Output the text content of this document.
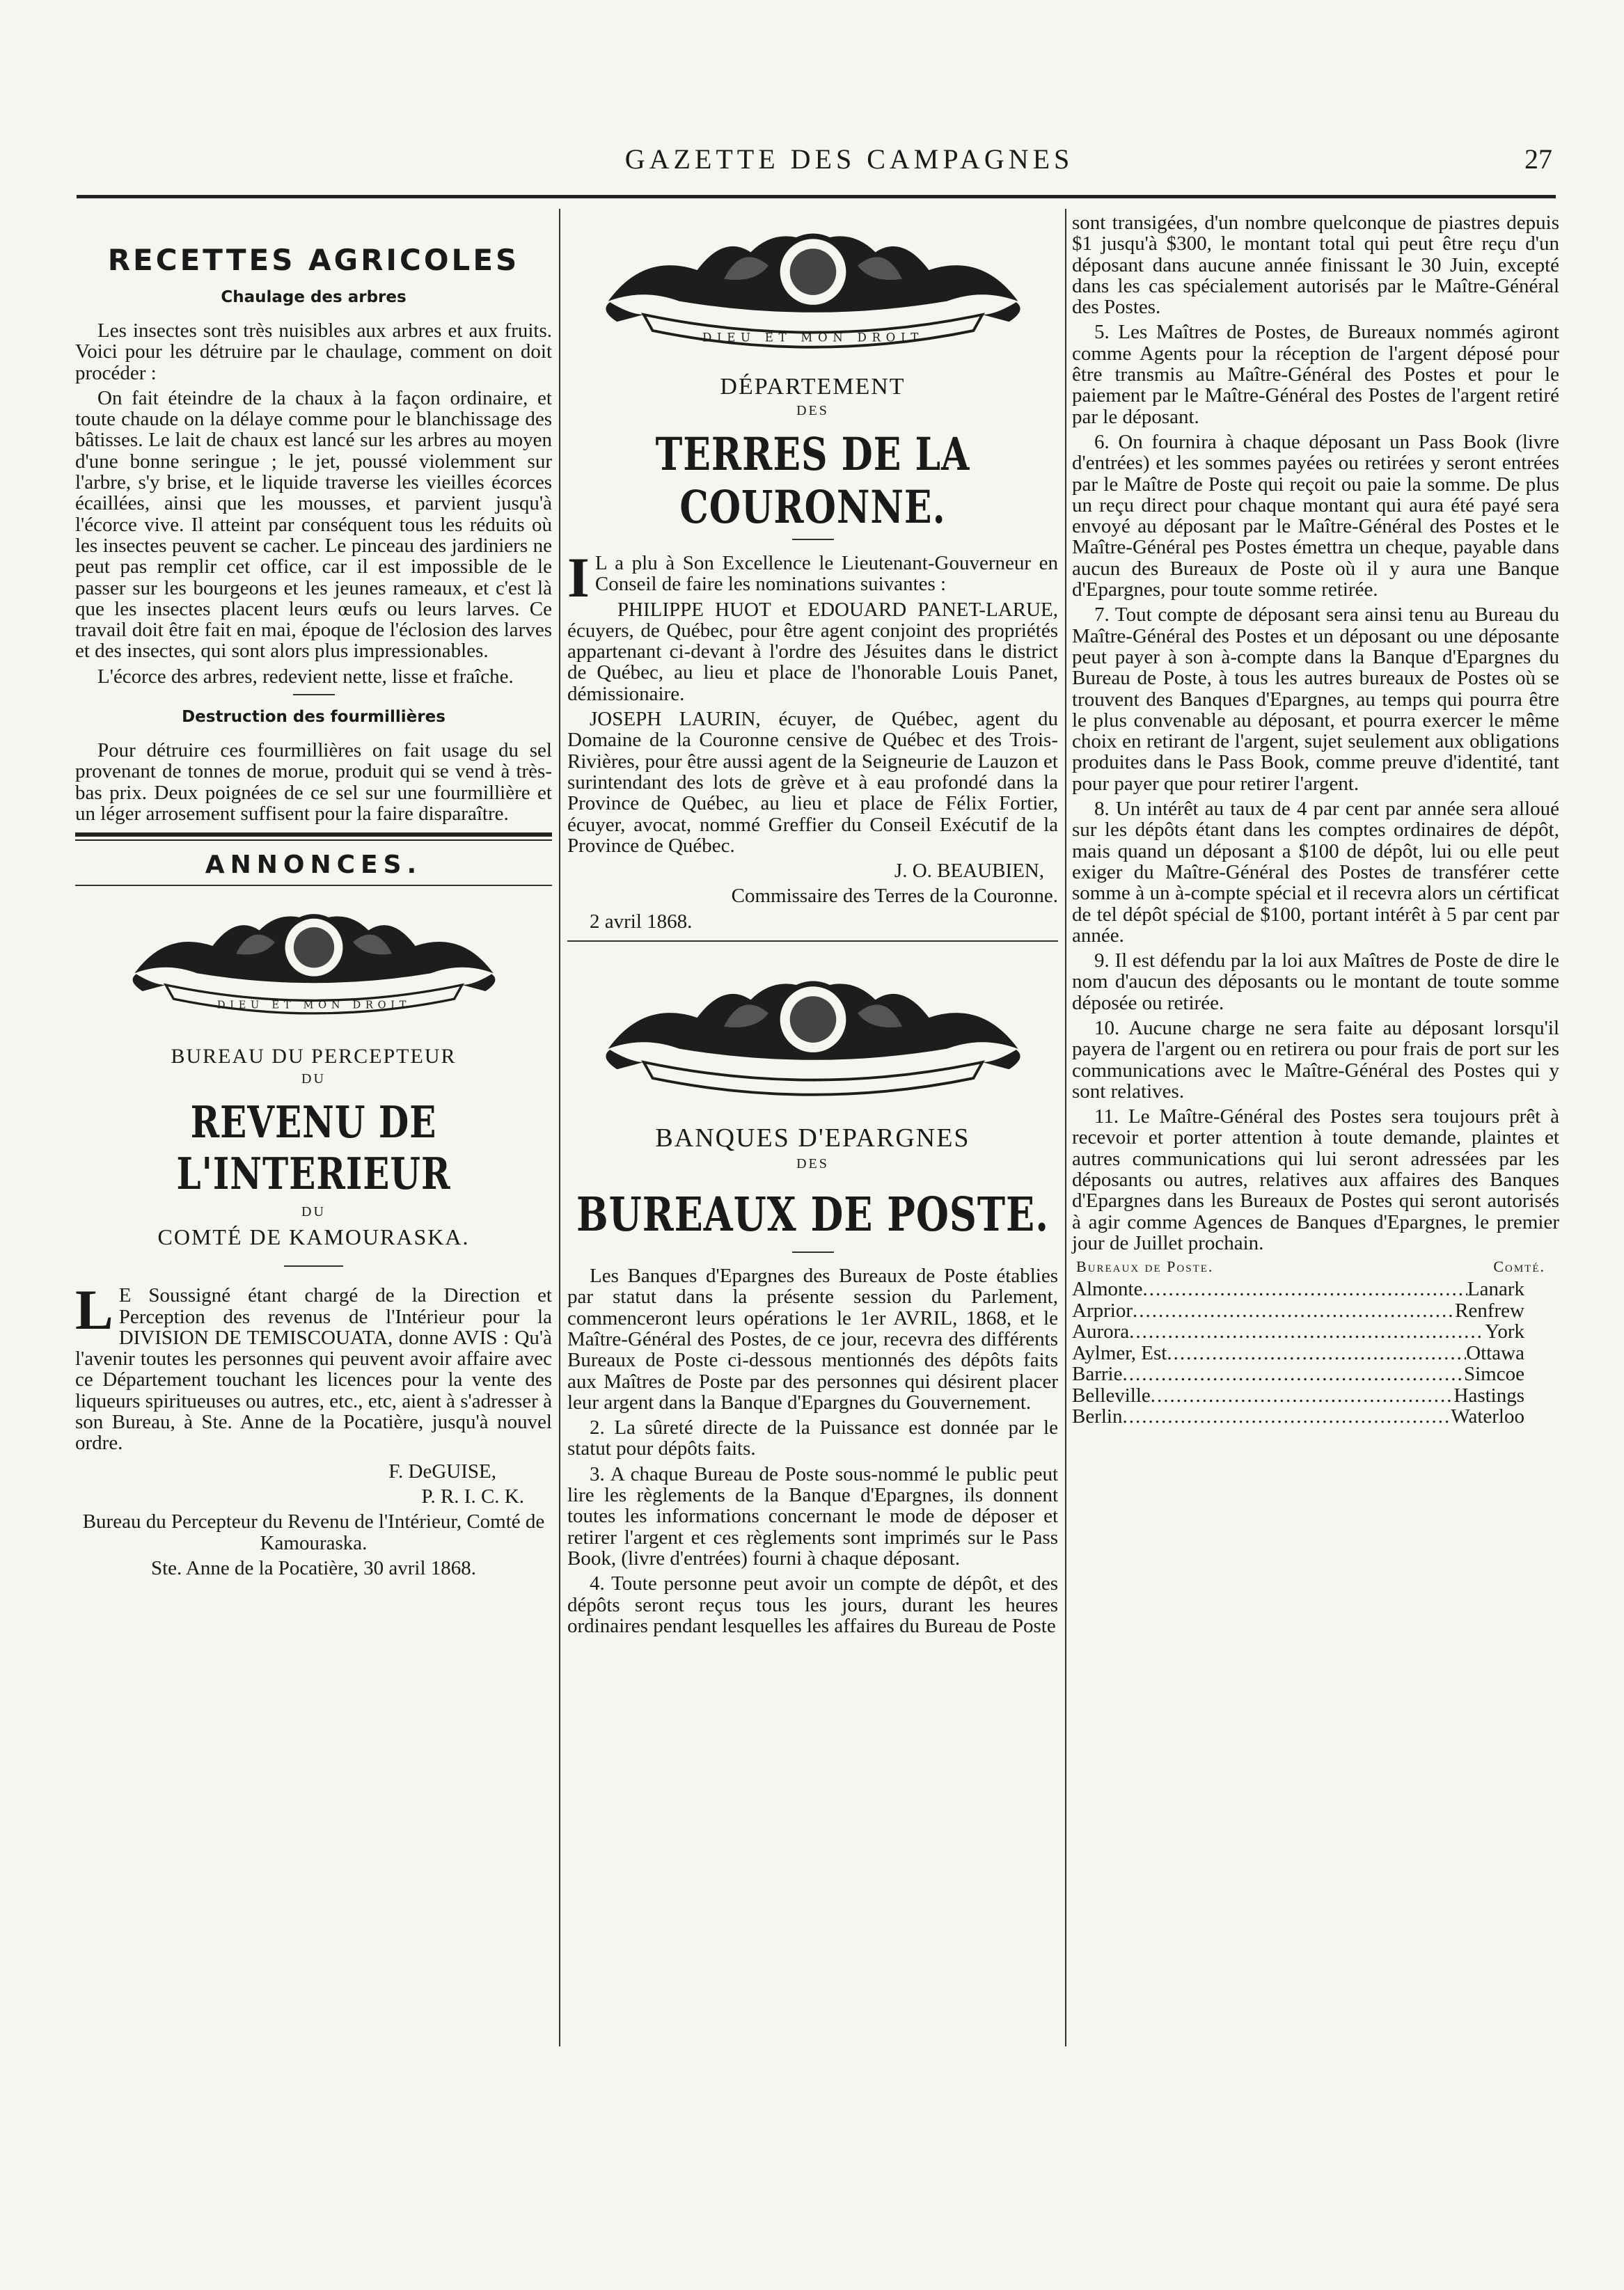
GAZETTE DES CAMPAGNES	27
RECETTES AGRICOLES
Chaulage des arbres

Les insectes sont très nuisibles aux arbres et aux fruits. Voici pour les détruire par le chaulage, comment on doit procéder :

On fait éteindre de la chaux à la façon ordinaire, et toute chaude on la délaye comme pour le blanchissage des bâtisses. Le lait de chaux est lancé sur les arbres au moyen d'une bonne seringue ; le jet, poussé violemment sur l'arbre, s'y brise, et le liquide traverse les vieilles écorces écaillées, ainsi que les mousses, et parvient jusqu'à l'écorce vive. Il atteint par conséquent tous les réduits où les insectes peuvent se cacher. Le pinceau des jardiniers ne peut pas remplir cet office, car il est impossible de le passer sur les bourgeons et les jeunes rameaux, et c'est là que les insectes placent leurs œufs ou leurs larves. Ce travail doit être fait en mai, époque de l'éclosion des larves et des insectes, qui sont alors plus impressionables.

L'écorce des arbres, redevient nette, lisse et fraîche.

Destruction des fourmillières

Pour détruire ces fourmillières on fait usage du sel provenant de tonnes de morue, produit qui se vend à très-bas prix. Deux poignées de ce sel sur une fourmillière et un léger arrosement suffisent pour la faire disparaître.

ANNONCES.
DIEU ET MON DROIT
BUREAU DU PERCEPTEUR
DU
REVENU DE L'INTERIEUR
DU
COMTÉ DE KAMOURASKA.

L E Soussigné étant chargé de la Direction et Perception des revenus de l'Intérieur pour la DIVISION DE TEMISCOUATA, donne AVIS : Qu'à l'avenir toutes les personnes qui peuvent avoir affaire avec ce Département touchant les licences pour la vente des liqueurs spiritueuses ou autres, etc., etc, aient à s'adresser à son Bureau, à Ste. Anne de la Pocatière, jusqu'à nouvel ordre.

F. DeGUISE,

P. R. I. C. K.

Bureau du Percepteur du Revenu de l'Intérieur, Comté de Kamouraska.

Ste. Anne de la Pocatière, 30 avril 1868.

DIEU ET MON DROIT
DÉPARTEMENT
DES
TERRES DE LA COURONNE.

I L a plu à Son Excellence le Lieutenant-Gouverneur en Conseil de faire les nominations suivantes :

PHILIPPE HUOT et EDOUARD PANET-LARUE, écuyers, de Québec, pour être agent conjoint des propriétés appartenant ci-devant à l'ordre des Jésuites dans le district de Québec, au lieu et place de l'honorable Louis Panet, démissionaire.

JOSEPH LAURIN, écuyer, de Québec, agent du Domaine de la Couronne censive de Québec et des Trois-Rivières, pour être aussi agent de la Seigneurie de Lauzon et surintendant des lots de grève et à eau profondé dans la Province de Québec, au lieu et place de Félix Fortier, écuyer, avocat, nommé Greffier du Conseil Exécutif de la Province de Québec.

J. O. BEAUBIEN,

Commissaire des Terres de la Couronne.

2 avril 1868.

BANQUES D'EPARGNES
DES
BUREAUX DE POSTE.

Les Banques d'Epargnes des Bureaux de Poste établies par statut dans la présente session du Parlement, commenceront leurs opérations le 1er AVRIL, 1868, et le Maître-Général des Postes, de ce jour, recevra des différents Bureaux de Poste ci-dessous mentionnés des dépôts faits aux Maîtres de Poste par des personnes qui désirent placer leur argent dans la Banque d'Epargnes du Gouvernement.

2. La sûreté directe de la Puissance est donnée par le statut pour dépôts faits.

3. A chaque Bureau de Poste sous-nommé le public peut lire les règlements de la Banque d'Epargnes, ils donnent toutes les informations concernant le mode de déposer et retirer l'argent et ces règlements sont imprimés sur le Pass Book, (livre d'entrées) fourni à chaque déposant.

4. Toute personne peut avoir un compte de dépôt, et des dépôts seront reçus tous les jours, durant les heures ordinaires pendant lesquelles les affaires du Bureau de Poste

sont transigées, d'un nombre quelconque de piastres depuis $1 jusqu'à $300, le montant total qui peut être reçu d'un déposant dans aucune année finissant le 30 Juin, excepté dans les cas spécialement autorisés par le Maître-Général des Postes.

5. Les Maîtres de Postes, de Bureaux nommés agiront comme Agents pour la réception de l'argent déposé pour être transmis au Maître-Général des Postes et pour le paiement par le Maître-Général des Postes de l'argent retiré par le déposant.

6. On fournira à chaque déposant un Pass Book (livre d'entrées) et les sommes payées ou retirées y seront entrées par le Maître de Poste qui reçoit ou paie la somme. De plus un reçu direct pour chaque montant qui aura été payé sera envoyé au déposant par le Maître-Général des Postes et le Maître-Général pes Postes émettra un cheque, payable dans aucun des Bureaux de Poste où il y aura une Banque d'Epargnes, pour toute somme retirée.

7. Tout compte de déposant sera ainsi tenu au Bureau du Maître-Général des Postes et un déposant ou une déposante peut payer à son à-compte dans la Banque d'Epargnes du Bureau de Poste, à tous les autres bureaux de Postes où se trouvent des Banques d'Epargnes, au temps qui pourra être le plus convenable au déposant, et pourra exercer le même choix en retirant de l'argent, sujet seulement aux obligations produites dans le Pass Book, comme preuve d'identité, tant pour payer que pour retirer l'argent.

8. Un intérêt au taux de 4 par cent par année sera alloué sur les dépôts étant dans les comptes ordinaires de dépôt, mais quand un déposant a $100 de dépôt, lui ou elle peut exiger du Maître-Général des Postes de transférer cette somme à un à-compte spécial et il recevra alors un cértificat de tel dépôt spécial de $100, portant intérêt à 5 par cent par année.

9. Il est défendu par la loi aux Maîtres de Poste de dire le nom d'aucun des déposants ou le montant de toute somme déposée ou retirée.

10. Aucune charge ne sera faite au déposant lorsqu'il payera de l'argent ou en retirera ou pour frais de port sur les communications avec le Maître-Général des Postes qui y sont relatives.

11. Le Maître-Général des Postes sera toujours prêt à recevoir et porter attention à toute demande, plaintes et autres communications qui lui seront adressées par les déposants ou autres, relatives aux affaires des Banques d'Epargnes dans les Bureaux de Postes qui seront autorisés à agir comme Agences de Banques d'Epargnes, le premier jour de Juillet prochain.

Bureaux de Poste.	Comté.
Almonte .....	Lanark
Arprior .....	Renfrew
Aurora .....	York
Aylmer, Est .....	Ottawa
Barrie .....	Simcoe
Belleville .....	Hastings
Berlin .....	Waterloo
